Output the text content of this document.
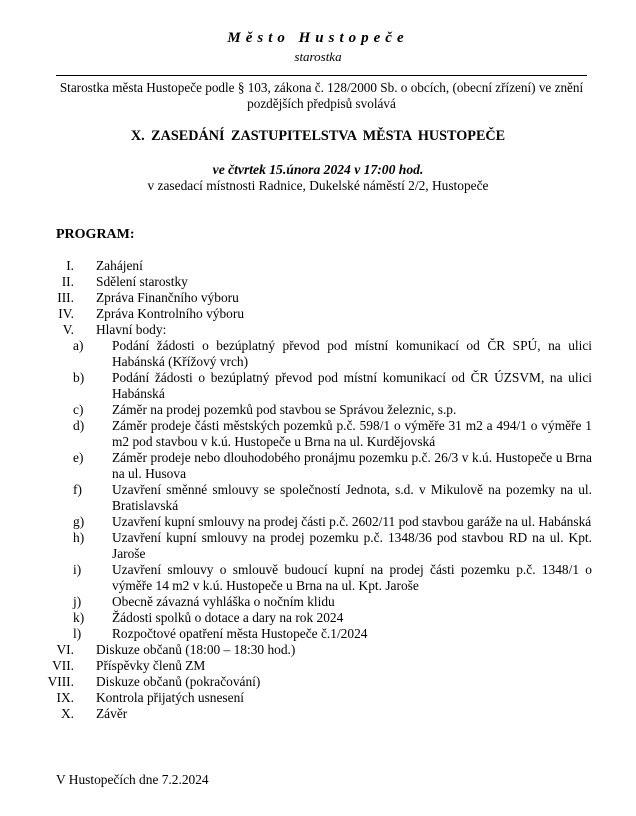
Město Hustopeče
starostka
Starostka města Hustopeče podle § 103, zákona č. 128/2000 Sb. o obcích, (obecní zřízení) ve znění pozdějších předpisů svolává
X. ZASEDÁNÍ ZASTUPITELSTVA MĚSTA HUSTOPEČE
ve čtvrtek 15.února 2024 v 17:00 hod.
v zasedací místnosti Radnice, Dukelské náměstí 2/2, Hustopeče
PROGRAM:
I. Zahájení
II. Sdělení starostky
III. Zpráva Finančního výboru
IV. Zpráva Kontrolního výboru
V. Hlavní body:
a)	Podání žádosti o bezúplatný převod pod místní komunikací od ČR SPÚ, na ulici Habánská (Křížový vrch)
b)	Podání žádosti o bezúplatný převod pod místní komunikací od ČR ÚZSVM, na ulici Habánská
c)	Záměr na prodej pozemků pod stavbou se Správou železnic, s.p.
d)	Záměr prodeje části městských pozemků p.č. 598/1 o výměře 31 m2 a 494/1 o výměře 1 m2 pod stavbou v k.ú. Hustopeče u Brna na ul. Kurdějovská
e)	Záměr prodeje nebo dlouhodobého pronájmu pozemku p.č. 26/3 v k.ú. Hustopeče u Brna na ul. Husova
f)	Uzavření směnné smlouvy se společností Jednota, s.d. v Mikulově na pozemky na ul. Bratislavská
g)	Uzavření kupní smlouvy na prodej části p.č. 2602/11 pod stavbou garáže na ul. Habánská
h)	Uzavření kupní smlouvy na prodej pozemku p.č. 1348/36 pod stavbou RD na ul. Kpt. Jaroše
i)	Uzavření smlouvy o smlouvě budoucí kupní na prodej části pozemku p.č. 1348/1 o výměře 14 m2 v k.ú. Hustopeče u Brna na ul. Kpt. Jaroše
j)	Obecně závazná vyhláška o nočním klidu
k)	Žádosti spolků o dotace a dary na rok 2024
l)	Rozpočtové opatření města Hustopeče č.1/2024
VI. Diskuze občanů (18:00 – 18:30 hod.)
VII. Příspěvky členů ZM
VIII. Diskuze občanů (pokračování)
IX. Kontrola přijatých usnesení
X. Závěr
V Hustopečích dne 7.2.2024
